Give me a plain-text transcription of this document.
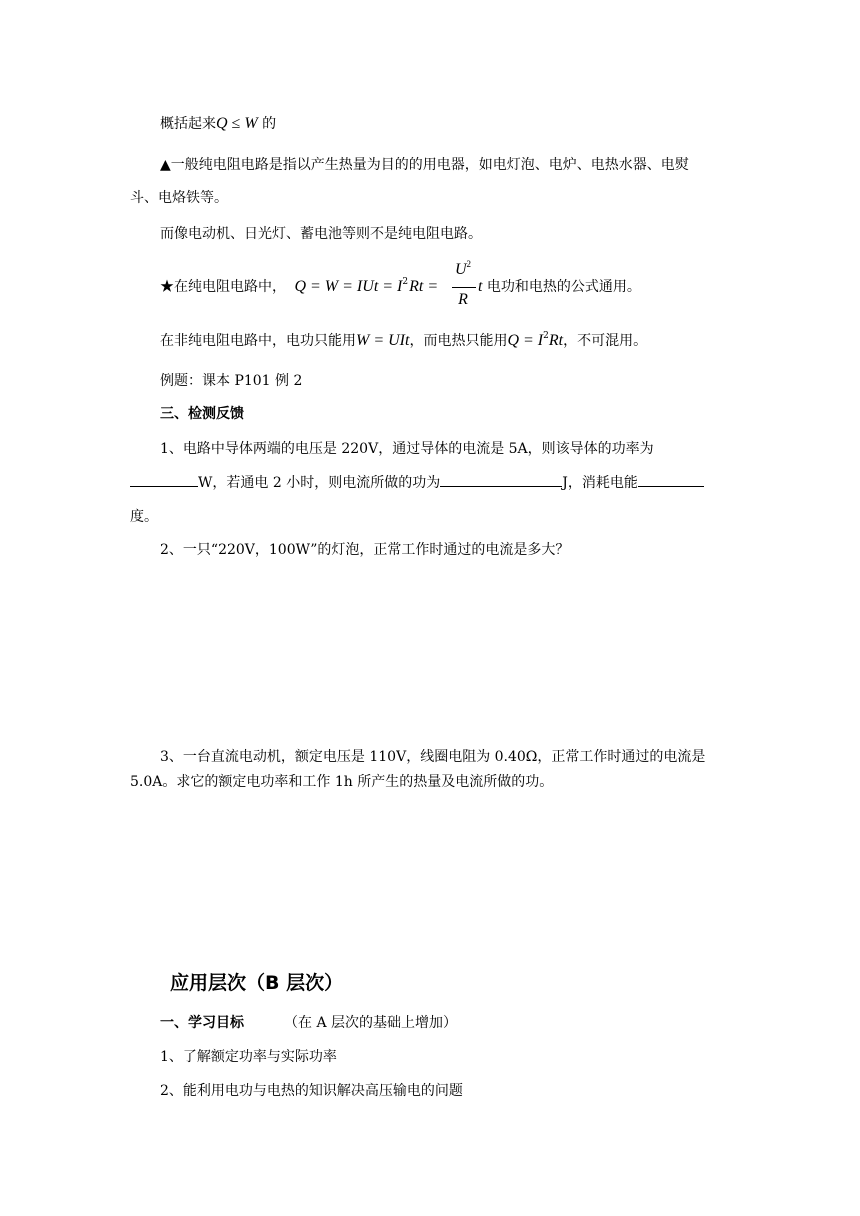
概括起来Q ≤ W 的
▲一般纯电阻电路是指以产生热量为目的的用电器，如电灯泡、电炉、电热水器、电熨
斗、电烙铁等。
而像电动机、日光灯、蓄电池等则不是纯电阻电路。
★在纯电阻电路中， Q = W = IUt = $I^2Rt$ =
$U^2$
R
t 电功和电热的公式通用。
在非纯电阻电路中，电功只能用W = UIt，而电热只能用$Q = I^2Rt$，不可混用。
例题：课本 P101 例 2
三、检测反馈
1、电路中导体两端的电压是 220V，通过导体的电流是 5A，则该导体的功率为
W，若通电 2 小时，则电流所做的功为	J，消耗电能
度。
2、一只“220V，100W”的灯泡，正常工作时通过的电流是多大？
3、一台直流电动机，额定电压是 110V，线圈电阻为 0.40Ω，正常工作时通过的电流是
5.0A。求它的额定电功率和工作 1h 所产生的热量及电流所做的功。
应用层次（B 层次）
一、学习目标	（在 A 层次的基础上增加）
1、了解额定功率与实际功率
2、能利用电功与电热的知识解决高压输电的问题
